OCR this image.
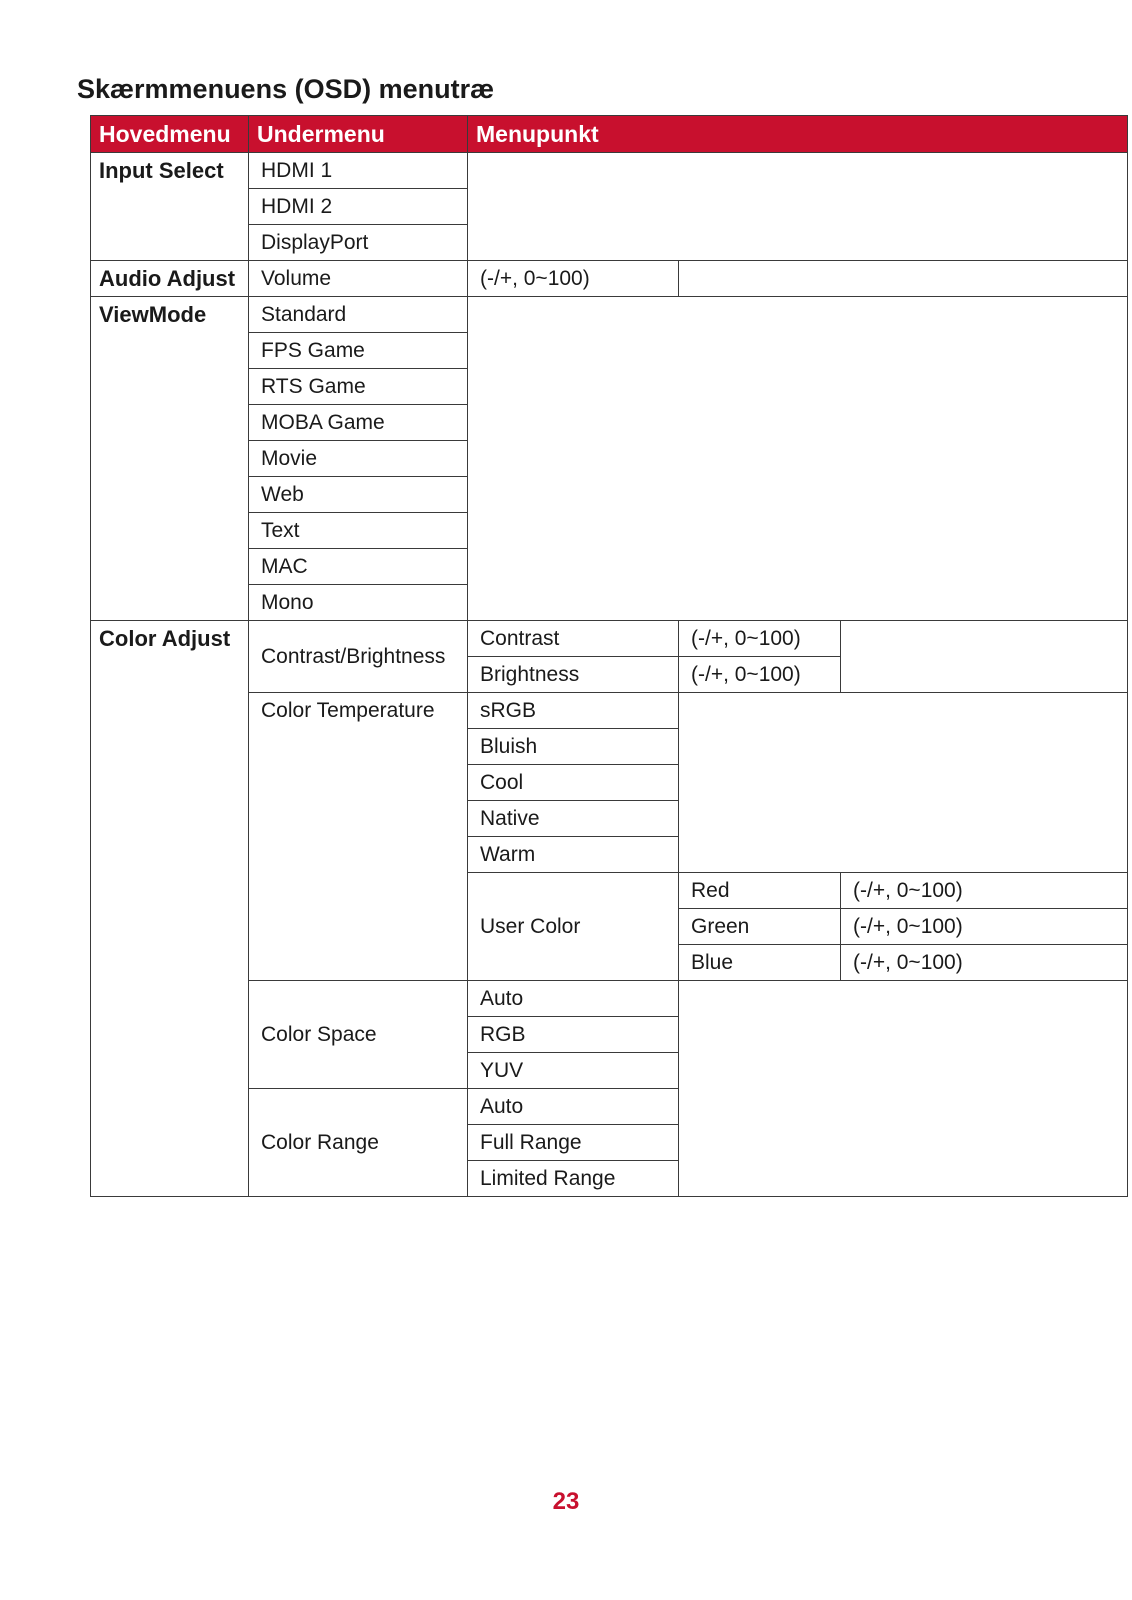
Skærmmenuens (OSD) menutræ
Hovedmenu	Undermenu	Menupunkt		
Input Select	HDMI 1			
	HDMI 2			
	DisplayPort			
Audio Adjust	Volume	(-/+, 0~100)		
ViewMode	Standard			
	FPS Game			
	RTS Game			
	MOBA Game			
	Movie			
	Web			
	Text			
	MAC			
	Mono			
Color Adjust	Contrast/Brightness	Contrast	(-/+, 0~100)	
		Brightness	(-/+, 0~100)	
	Color Temperature	sRGB		
		Bluish		
		Cool		
		Native		
		Warm		
		User Color	Red	(-/+, 0~100)
			Green	(-/+, 0~100)
			Blue	(-/+, 0~100)
	Color Space	Auto		
		RGB		
		YUV		
	Color Range	Auto		
		Full Range		
		Limited Range		
23
